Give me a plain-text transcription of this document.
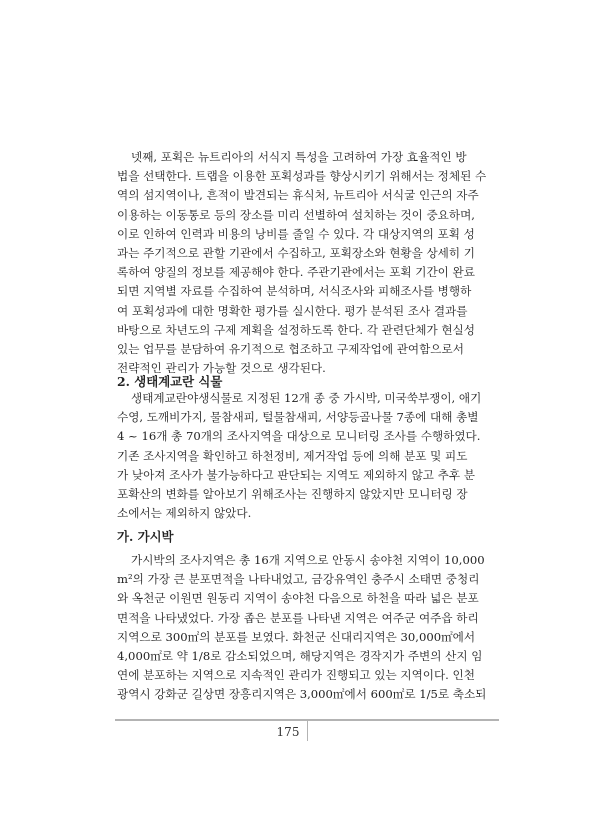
넷째, 포획은 뉴트리아의 서식지 특성을 고려하여 가장 효율적인 방
법을 선택한다. 트랩을 이용한 포획성과를 향상시키기 위해서는 정체된 수
역의 섬지역이나, 흔적이 발견되는 휴식처, 뉴트리아 서식굴 인근의 자주
이용하는 이동통로 등의 장소를 미리 선별하여 설치하는 것이 중요하며,
이로 인하여 인력과 비용의 낭비를 줄일 수 있다. 각 대상지역의 포획 성
과는 주기적으로 관할 기관에서 수집하고, 포획장소와 현황을 상세히 기
록하여 양질의 정보를 제공해야 한다. 주관기관에서는 포획 기간이 완료
되면 지역별 자료를 수집하여 분석하며, 서식조사와 피해조사를 병행하
여 포획성과에 대한 명확한 평가를 실시한다. 평가 분석된 조사 결과를
바탕으로 차년도의 구제 계획을 설정하도록 한다. 각 관련단체가 현실성
있는 업무를 분담하여 유기적으로 협조하고 구제작업에 관여함으로서
전략적인 관리가 가능할 것으로 생각된다.
2. 생태계교란 식물
생태계교란야생식물로 지정된 12개 종 중 가시박, 미국쑥부쟁이, 애기
수영, 도깨비가지, 물참새피, 털물참새피, 서양등골나물 7종에 대해 총별
4 ~ 16개 총 70개의 조사지역을 대상으로 모니터링 조사를 수행하였다.
기존 조사지역을 확인하고 하천정비, 제거작업 등에 의해 분포 및 피도
가 낮아져 조사가 불가능하다고 판단되는 지역도 제외하지 않고 추후 분
포확산의 변화를 알아보기 위해조사는 진행하지 않았지만 모니터링 장
소에서는 제외하지 않았다.
가. 가시박
가시박의 조사지역은 총 16개 지역으로 안동시 송야천 지역이 10,000
m²의 가장 큰 분포면적을 나타내었고, 금강유역인 충주시 소태면 중청리
와 옥천군 이원면 원동리 지역이 송야천 다음으로 하천을 따라 넓은 분포
면적을 나타냈었다. 가장 좁은 분포를 나타낸 지역은 여주군 여주읍 하리
지역으로 300㎡의 분포를 보였다. 화천군 신대리지역은 30,000㎡에서
4,000㎡로 약 1/8로 감소되었으며, 해당지역은 경작지가 주변의 산지 임
연에 분포하는 지역으로 지속적인 관리가 진행되고 있는 지역이다. 인천
광역시 강화군 길상면 장흥리지역은 3,000㎡에서 600㎡로 1/5로 축소되
175
